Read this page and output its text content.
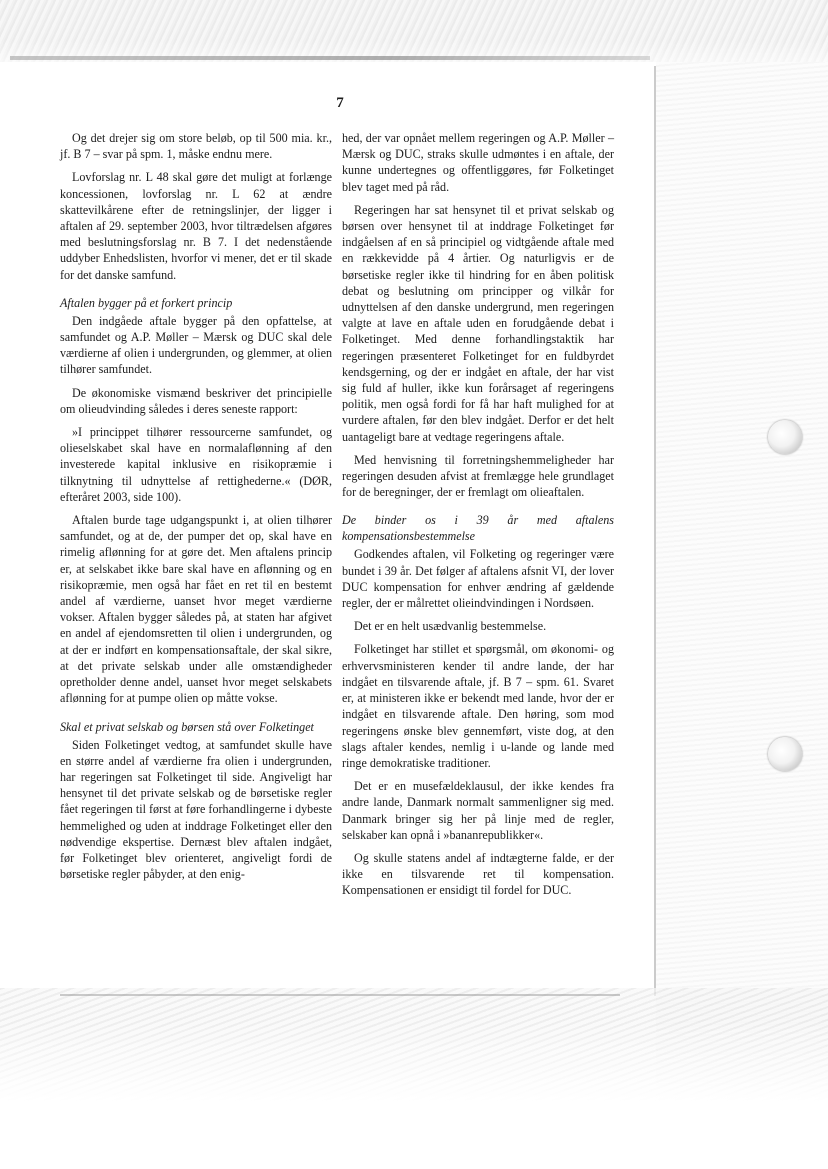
7

Og det drejer sig om store beløb, op til 500 mia. kr., jf. B 7 – svar på spm. 1, måske endnu mere.

Lovforslag nr. L 48 skal gøre det muligt at forlænge koncessionen, lovforslag nr. L 62 at ændre skattevilkårene efter de retningslinjer, der ligger i aftalen af 29. september 2003, hvor tiltrædelsen afgøres med beslutningsforslag nr. B 7. I det nedenstående uddyber Enhedslisten, hvorfor vi mener, det er til skade for det danske samfund.

Aftalen bygger på et forkert princip

Den indgåede aftale bygger på den opfattelse, at samfundet og A.P. Møller – Mærsk og DUC skal dele værdierne af olien i undergrunden, og glemmer, at olien tilhører samfundet.

De økonomiske vismænd beskriver det principielle om olieudvinding således i deres seneste rapport:

»I princippet tilhører ressourcerne samfundet, og olieselskabet skal have en normalaflønning af den investerede kapital inklusive en risikopræmie i tilknytning til udnyttelse af rettighederne.« (DØR, efteråret 2003, side 100).

Aftalen burde tage udgangspunkt i, at olien tilhører samfundet, og at de, der pumper det op, skal have en rimelig aflønning for at gøre det. Men aftalens princip er, at selskabet ikke bare skal have en aflønning og en risikopræmie, men også har fået en ret til en bestemt andel af værdierne, uanset hvor meget værdierne vokser. Aftalen bygger således på, at staten har afgivet en andel af ejendomsretten til olien i undergrunden, og at der er indført en kompensationsaftale, der skal sikre, at det private selskab under alle omstændigheder opretholder denne andel, uanset hvor meget selskabets aflønning for at pumpe olien op måtte vokse.

Skal et privat selskab og børsen stå over Folketinget

Siden Folketinget vedtog, at samfundet skulle have en større andel af værdierne fra olien i undergrunden, har regeringen sat Folketinget til side. Angiveligt har hensynet til det private selskab og de børsetiske regler fået regeringen til først at føre forhandlingerne i dybeste hemmelighed og uden at inddrage Folketinget eller den nødvendige ekspertise. Dernæst blev aftalen indgået, før Folketinget blev orienteret, angiveligt fordi de børsetiske regler påbyder, at den enig-

hed, der var opnået mellem regeringen og A.P. Møller – Mærsk og DUC, straks skulle udmøntes i en aftale, der kunne undertegnes og offentliggøres, før Folketinget blev taget med på råd.

Regeringen har sat hensynet til et privat selskab og børsen over hensynet til at inddrage Folketinget før indgåelsen af en så principiel og vidtgående aftale med en rækkevidde på 4 årtier. Og naturligvis er de børsetiske regler ikke til hindring for en åben politisk debat og beslutning om principper og vilkår for udnyttelsen af den danske undergrund, men regeringen valgte at lave en aftale uden en forudgående debat i Folketinget. Med denne forhandlingstaktik har regeringen præsenteret Folketinget for en fuldbyrdet kendsgerning, og der er indgået en aftale, der har vist sig fuld af huller, ikke kun forårsaget af regeringens politik, men også fordi for få har haft mulighed for at vurdere aftalen, før den blev indgået. Derfor er det helt uantageligt bare at vedtage regeringens aftale.

Med henvisning til forretningshemmeligheder har regeringen desuden afvist at fremlægge hele grundlaget for de beregninger, der er fremlagt om olieaftalen.

De binder os i 39 år med aftalens kompensationsbestemmelse

Godkendes aftalen, vil Folketing og regeringer være bundet i 39 år. Det følger af aftalens afsnit VI, der lover DUC kompensation for enhver ændring af gældende regler, der er målrettet olieindvindingen i Nordsøen.

Det er en helt usædvanlig bestemmelse.

Folketinget har stillet et spørgsmål, om økonomi- og erhvervsministeren kender til andre lande, der har indgået en tilsvarende aftale, jf. B 7 – spm. 61. Svaret er, at ministeren ikke er bekendt med lande, hvor der er indgået en tilsvarende aftale. Den høring, som mod regeringens ønske blev gennemført, viste dog, at den slags aftaler kendes, nemlig i u-lande og lande med ringe demokratiske traditioner.

Det er en musefældeklausul, der ikke kendes fra andre lande, Danmark normalt sammenligner sig med. Danmark bringer sig her på linje med de regler, selskaber kan opnå i »bananrepublikker«.

Og skulle statens andel af indtægterne falde, er der ikke en tilsvarende ret til kompensation. Kompensationen er ensidigt til fordel for DUC.
